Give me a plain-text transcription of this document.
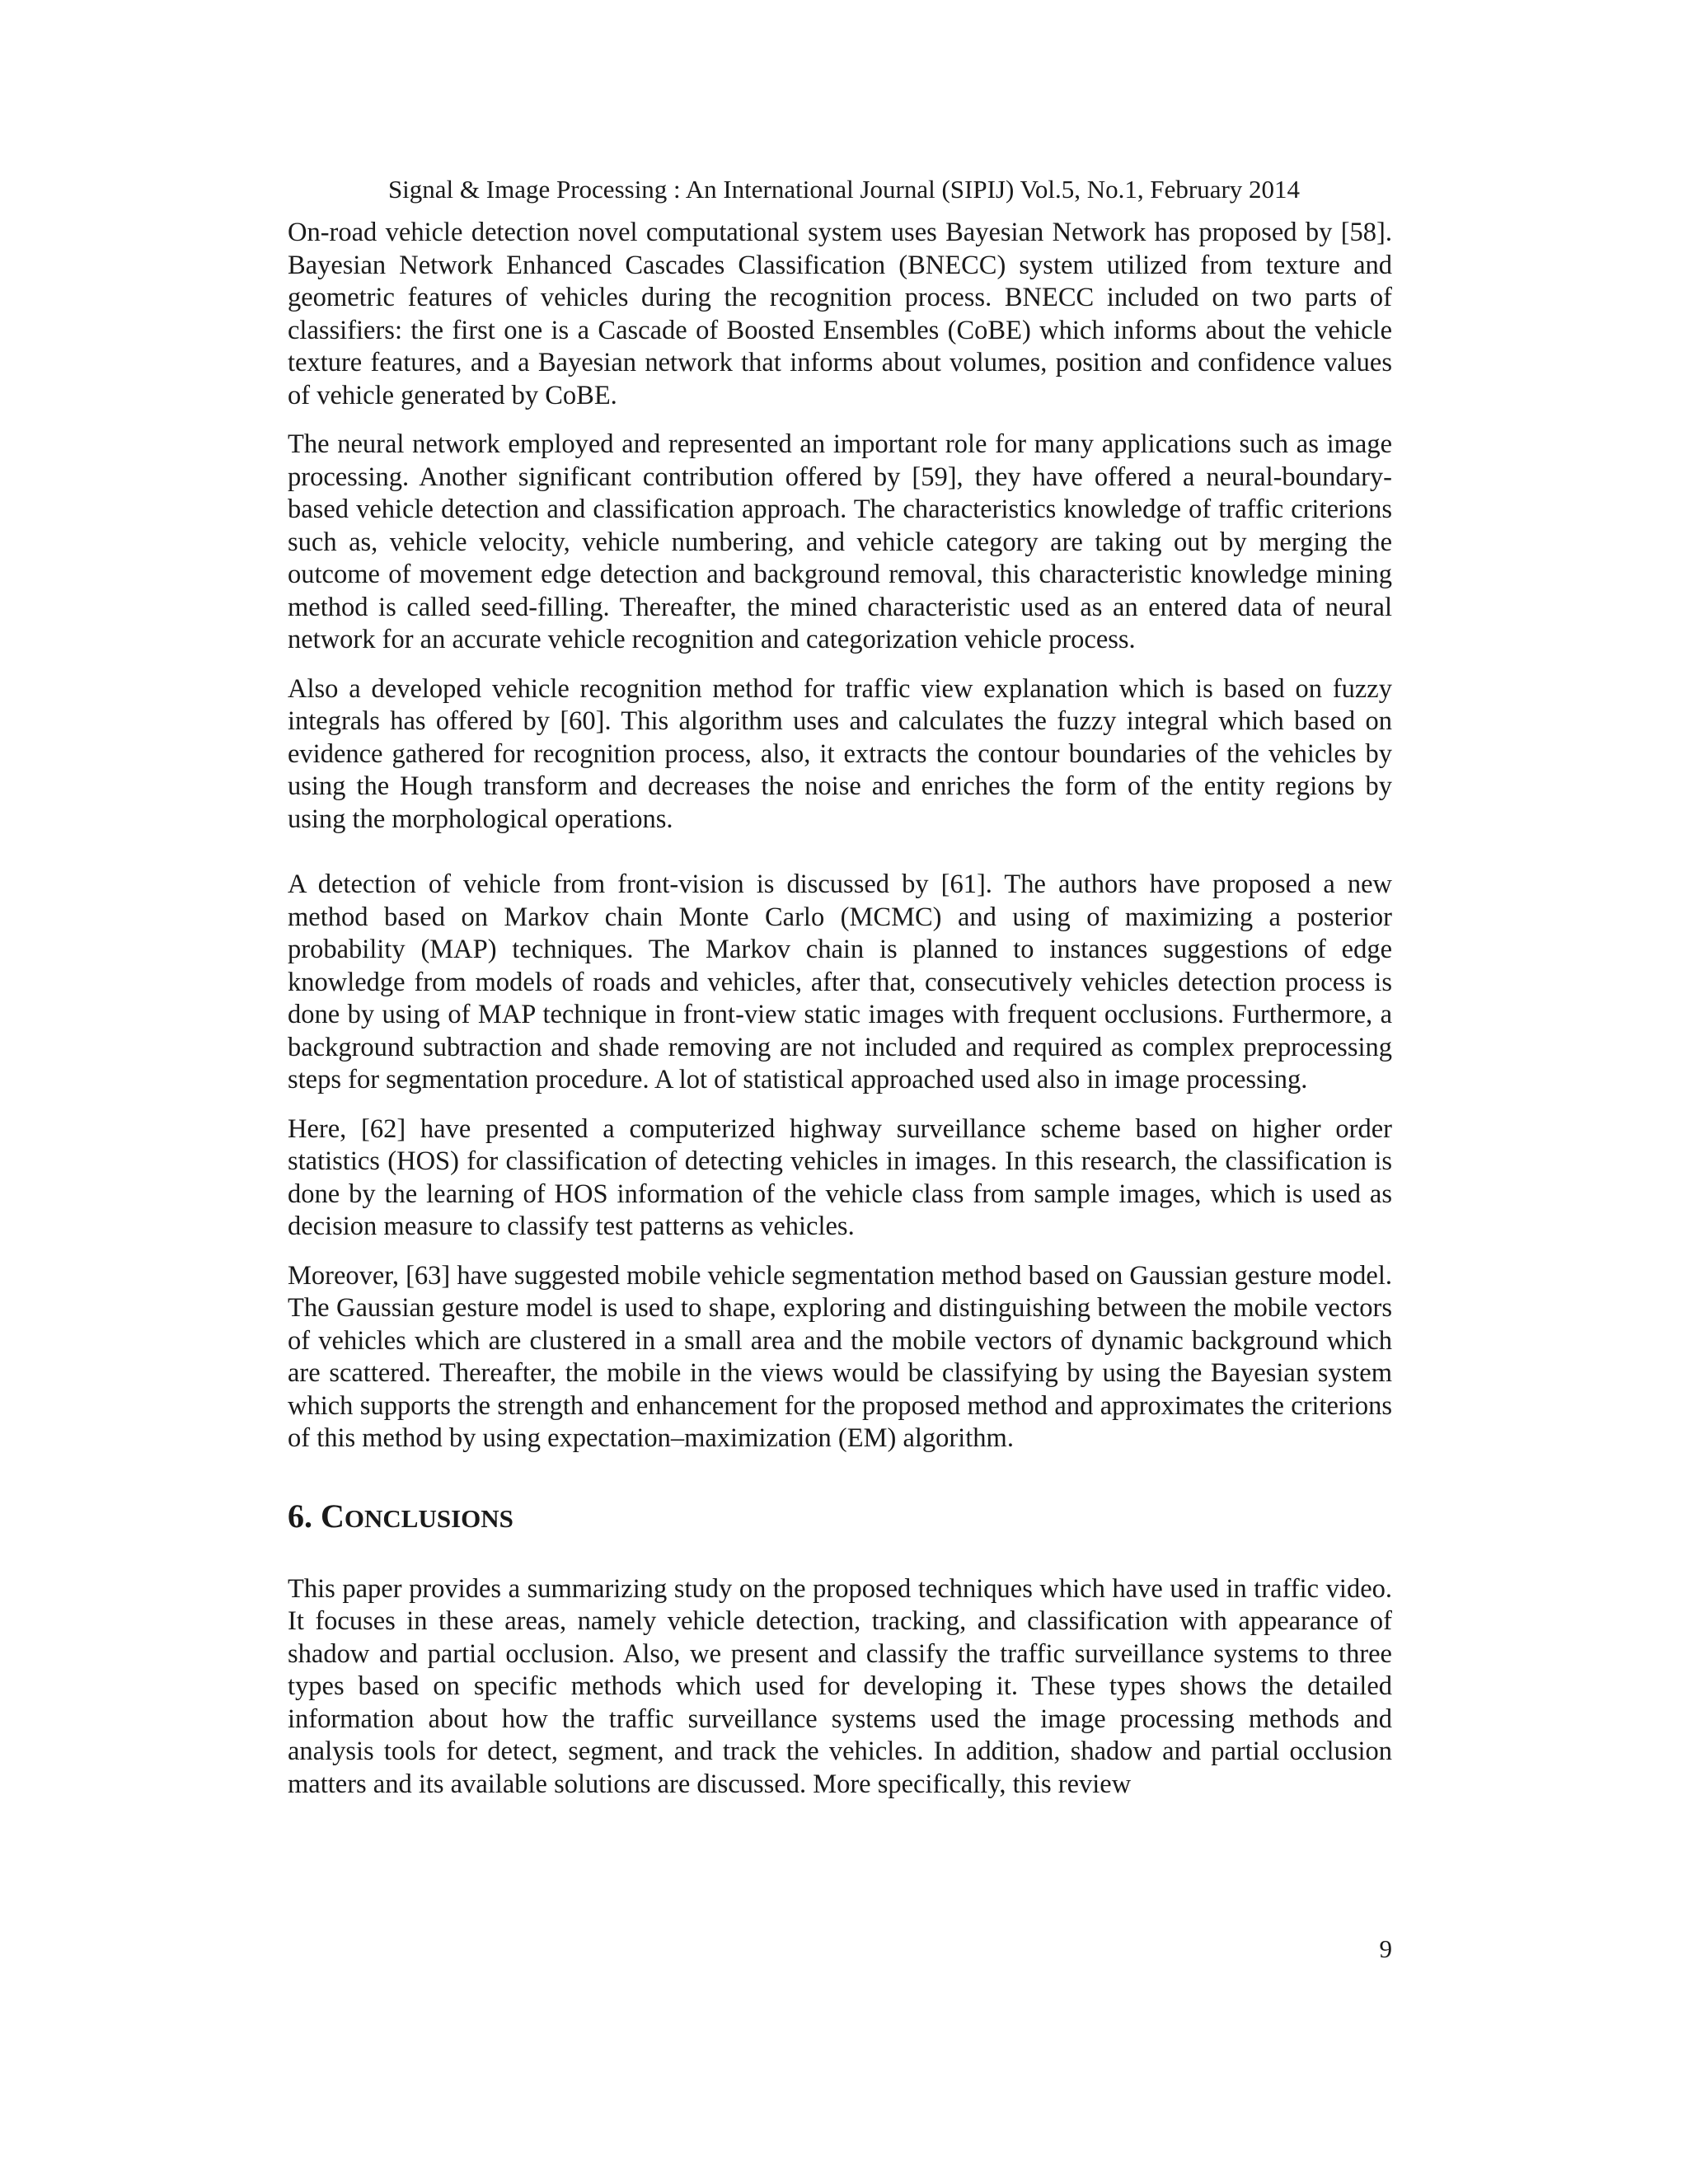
Signal & Image Processing : An International Journal (SIPIJ) Vol.5, No.1, February 2014

On-road vehicle detection novel computational system uses Bayesian Network has proposed by [58]. Bayesian Network Enhanced Cascades Classification (BNECC) system utilized from texture and geometric features of vehicles during the recognition process. BNECC included on two parts of classifiers: the first one is a Cascade of Boosted Ensembles (CoBE) which informs about the vehicle texture features, and a Bayesian network that informs about volumes, position and confidence values of vehicle generated by CoBE.

The neural network employed and represented an important role for many applications such as image processing. Another significant contribution offered by [59], they have offered a neural-boundary-based vehicle detection and classification approach. The characteristics knowledge of traffic criterions such as, vehicle velocity, vehicle numbering, and vehicle category are taking out by merging the outcome of movement edge detection and background removal, this characteristic knowledge mining method is called seed-filling. Thereafter, the mined characteristic used as an entered data of neural network for an accurate vehicle recognition and categorization vehicle process.

Also a developed vehicle recognition method for traffic view explanation which is based on fuzzy integrals has offered by [60]. This algorithm uses and calculates the fuzzy integral which based on evidence gathered for recognition process, also, it extracts the contour boundaries of the vehicles by using the Hough transform and decreases the noise and enriches the form of the entity regions by using the morphological operations.

A detection of vehicle from front-vision is discussed by [61]. The authors have proposed a new method based on Markov chain Monte Carlo (MCMC) and using of maximizing a posterior probability (MAP) techniques. The Markov chain is planned to instances suggestions of edge knowledge from models of roads and vehicles, after that, consecutively vehicles detection process is done by using of MAP technique in front-view static images with frequent occlusions. Furthermore, a background subtraction and shade removing are not included and required as complex preprocessing steps for segmentation procedure. A lot of statistical approached used also in image processing.

Here, [62] have presented a computerized highway surveillance scheme based on higher order statistics (HOS) for classification of detecting vehicles in images. In this research, the classification is done by the learning of HOS information of the vehicle class from sample images, which is used as decision measure to classify test patterns as vehicles.

Moreover, [63] have suggested mobile vehicle segmentation method based on Gaussian gesture model. The Gaussian gesture model is used to shape, exploring and distinguishing between the mobile vectors of vehicles which are clustered in a small area and the mobile vectors of dynamic background which are scattered. Thereafter, the mobile in the views would be classifying by using the Bayesian system which supports the strength and enhancement for the proposed method and approximates the criterions of this method by using expectation–maximization (EM) algorithm.

6. CONCLUSIONS

This paper provides a summarizing study on the proposed techniques which have used in traffic video. It focuses in these areas, namely vehicle detection, tracking, and classification with appearance of shadow and partial occlusion. Also, we present and classify the traffic surveillance systems to three types based on specific methods which used for developing it. These types shows the detailed information about how the traffic surveillance systems used the image processing methods and analysis tools for detect, segment, and track the vehicles. In addition, shadow and partial occlusion matters and its available solutions are discussed. More specifically, this review

9
